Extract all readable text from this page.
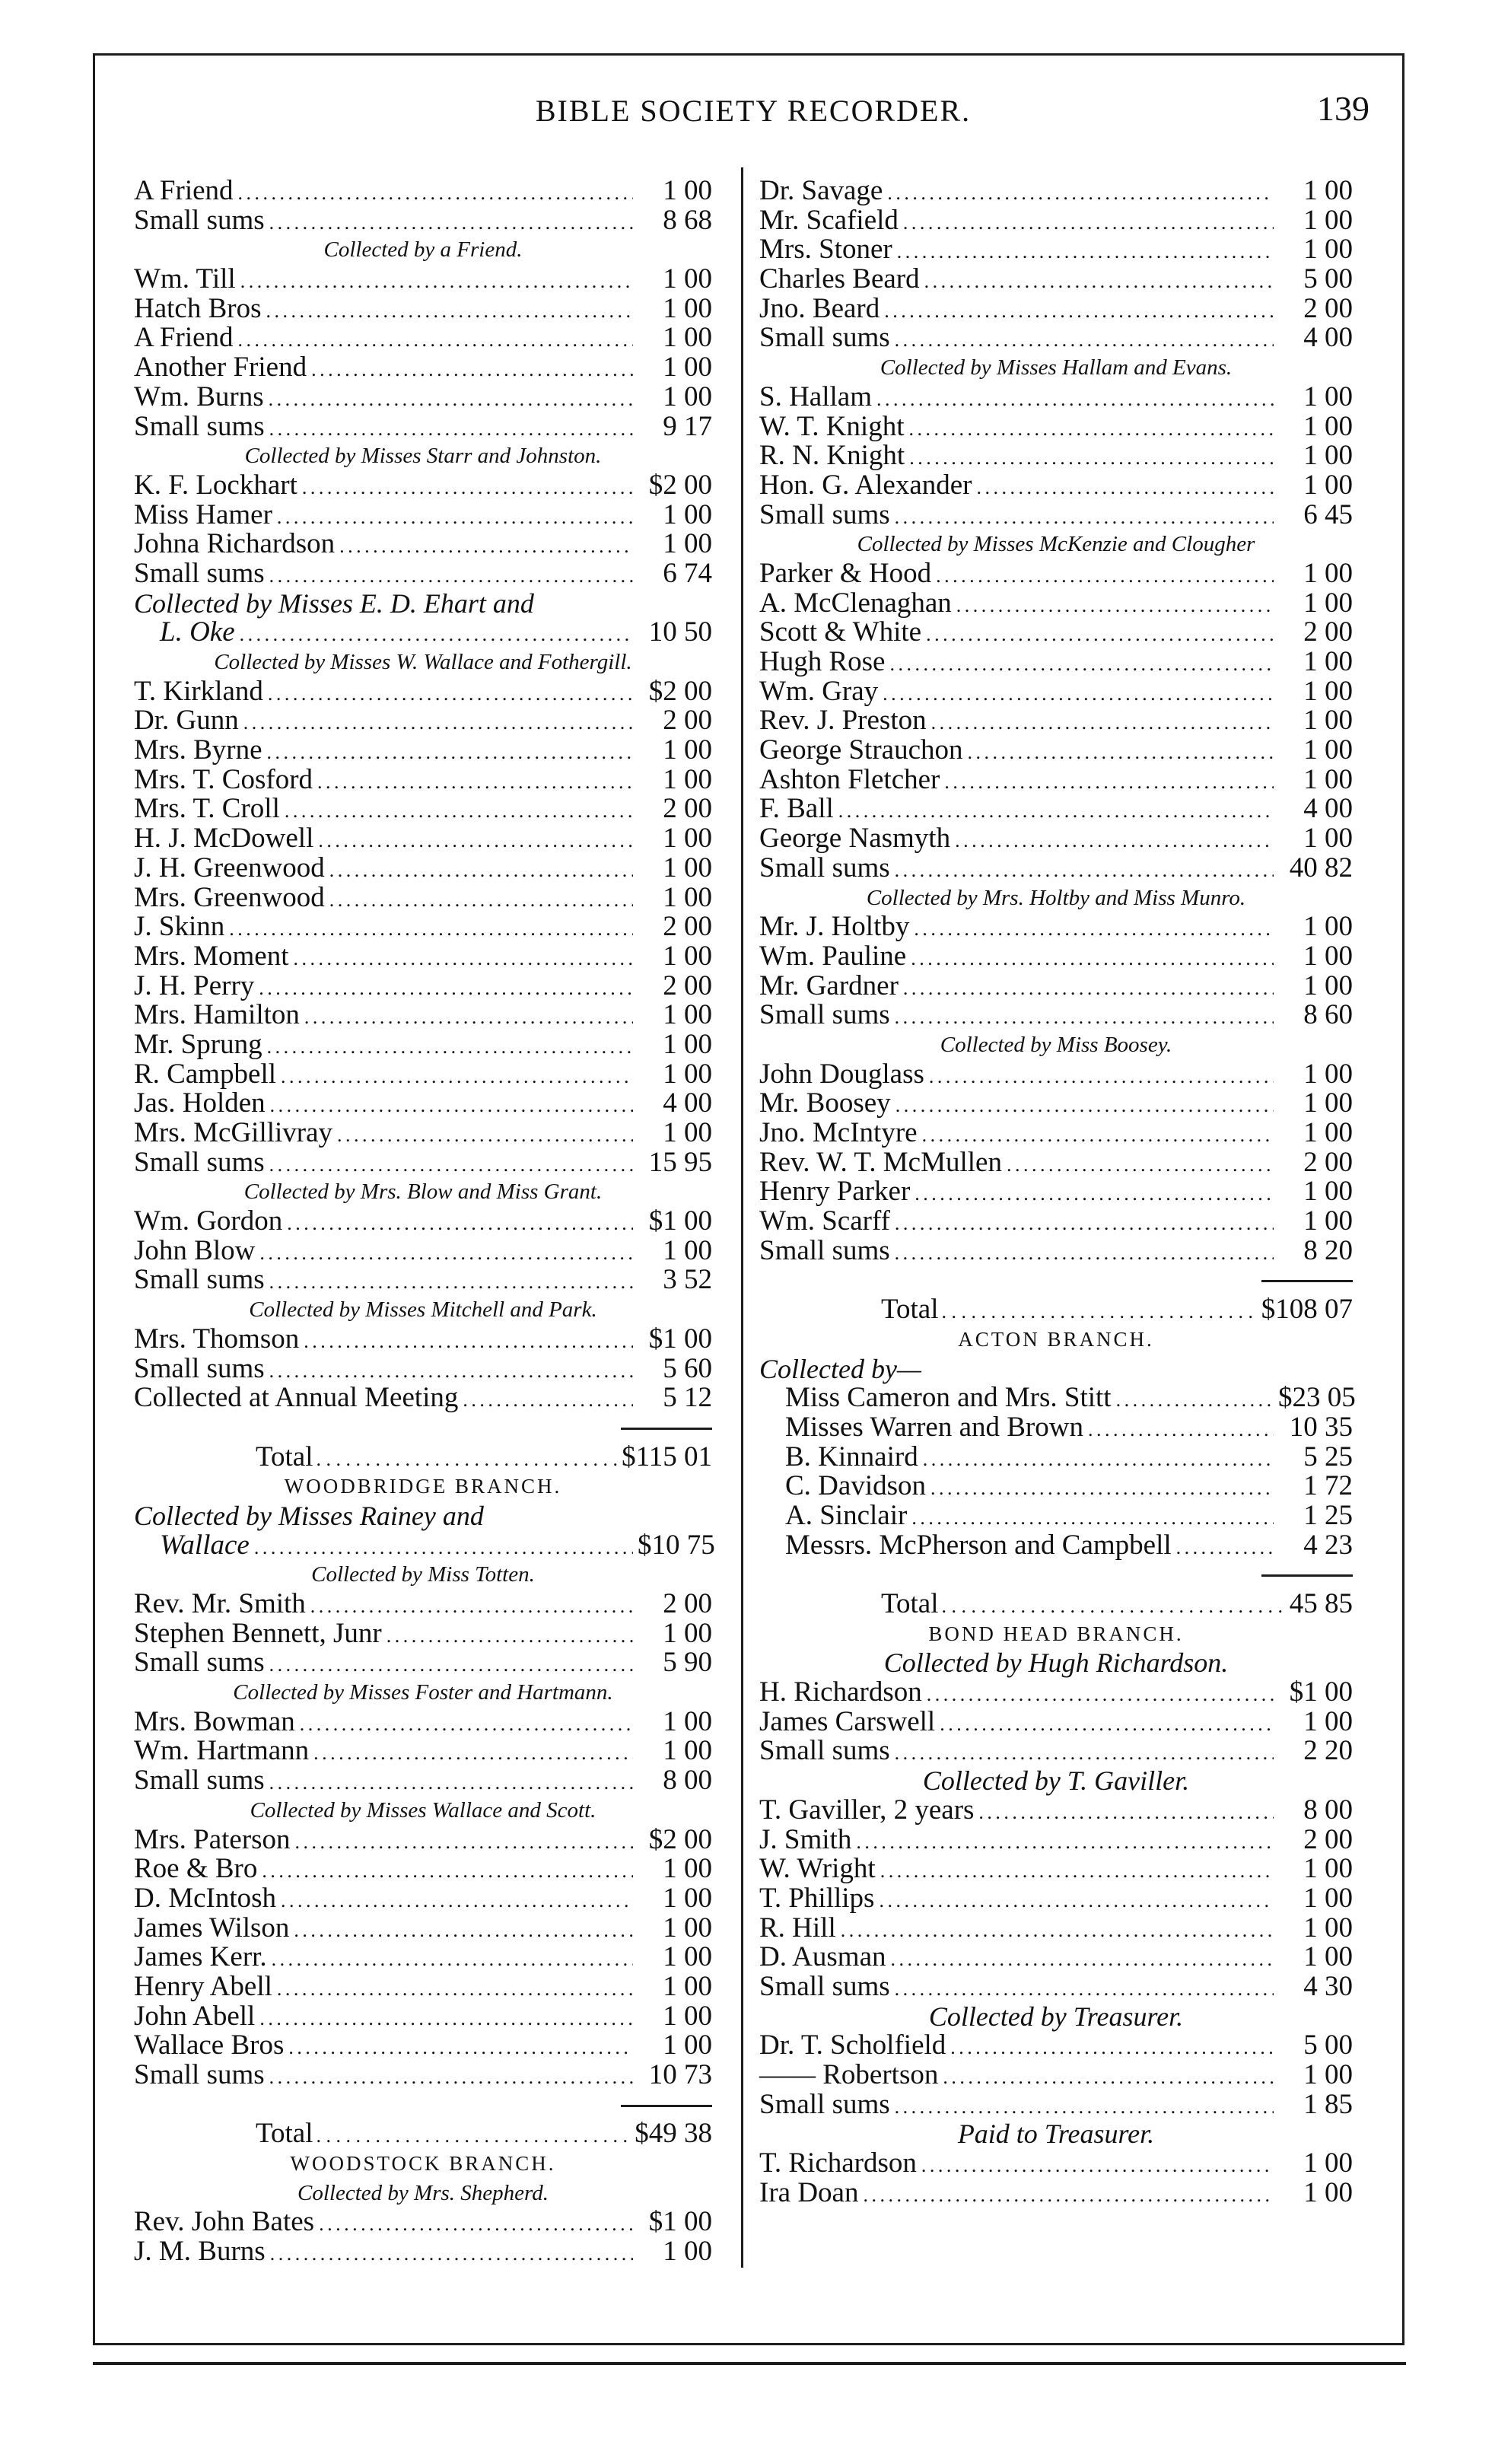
BIBLE SOCIETY RECORDER.	139
A Friend . . .	1 00
Small sums . . .	8 68
Collected by a Friend.
Wm. Till . . .	1 00
Hatch Bros . . .	1 00
A Friend . . .	1 00
Another Friend . . .	1 00
Wm. Burns . . .	1 00
Small sums . . .	9 17
Collected by Misses Starr and Johnston.
K. F. Lockhart . . .	$2 00
Miss Hamer . . .	1 00
Johna Richardson . . .	1 00
Small sums . . .	6 74
Collected by Misses E. D. Ehart and
L. Oke . . .	10 50
Collected by Misses W. Wallace and Fothergill.
T. Kirkland . . .	$2 00
Dr. Gunn . . .	2 00
Mrs. Byrne . . .	1 00
Mrs. T. Cosford . . .	1 00
Mrs. T. Croll . . .	2 00
H. J. McDowell . . .	1 00
J. H. Greenwood . . .	1 00
Mrs. Greenwood . . .	1 00
J. Skinn . . .	2 00
Mrs. Moment . . .	1 00
J. H. Perry . . .	2 00
Mrs. Hamilton . . .	1 00
Mr. Sprung . . .	1 00
R. Campbell . . .	1 00
Jas. Holden . . .	4 00
Mrs. McGillivray . . .	1 00
Small sums . . .	15 95
Collected by Mrs. Blow and Miss Grant.
Wm. Gordon . . .	$1 00
John Blow . . .	1 00
Small sums . . .	3 52
Collected by Misses Mitchell and Park.
Mrs. Thomson . . .	$1 00
Small sums . . .	5 60
Collected at Annual Meeting . . .	5 12
Total . . .	$115 01
WOODBRIDGE BRANCH.
Collected by Misses Rainey and
Wallace . . .	$10 75
Collected by Miss Totten.
Rev. Mr. Smith . . .	2 00
Stephen Bennett, Junr . . .	1 00
Small sums . . .	5 90
Collected by Misses Foster and Hartmann.
Mrs. Bowman . . .	1 00
Wm. Hartmann . . .	1 00
Small sums . . .	8 00
Collected by Misses Wallace and Scott.
Mrs. Paterson . . .	$2 00
Roe & Bro . . .	1 00
D. McIntosh . . .	1 00
James Wilson . . .	1 00
James Kerr. . . .	1 00
Henry Abell . . .	1 00
John Abell . . .	1 00
Wallace Bros . . .	1 00
Small sums . . .	10 73
Total . . .	$49 38
WOODSTOCK BRANCH.
Collected by Mrs. Shepherd.
Rev. John Bates . . .	$1 00
J. M. Burns . . .	1 00
Dr. Savage . . .	1 00
Mr. Scafield . . .	1 00
Mrs. Stoner . . .	1 00
Charles Beard . . .	5 00
Jno. Beard . . .	2 00
Small sums . . .	4 00
Collected by Misses Hallam and Evans.
S. Hallam . . .	1 00
W. T. Knight . . .	1 00
R. N. Knight . . .	1 00
Hon. G. Alexander . . .	1 00
Small sums . . .	6 45
Collected by Misses McKenzie and Clougher
Parker & Hood . . .	1 00
A. McClenaghan . . .	1 00
Scott & White . . .	2 00
Hugh Rose . . .	1 00
Wm. Gray . . .	1 00
Rev. J. Preston . . .	1 00
George Strauchon . . .	1 00
Ashton Fletcher . . .	1 00
F. Ball . . .	4 00
George Nasmyth . . .	1 00
Small sums . . .	40 82
Collected by Mrs. Holtby and Miss Munro.
Mr. J. Holtby . . .	1 00
Wm. Pauline . . .	1 00
Mr. Gardner . . .	1 00
Small sums . . .	8 60
Collected by Miss Boosey.
John Douglass . . .	1 00
Mr. Boosey . . .	1 00
Jno. McIntyre . . .	1 00
Rev. W. T. McMullen . . .	2 00
Henry Parker . . .	1 00
Wm. Scarff . . .	1 00
Small sums . . .	8 20
Total . . .	$108 07
ACTON BRANCH.
Collected by—
Miss Cameron and Mrs. Stitt . . .	$23 05
Misses Warren and Brown . . .	10 35
B. Kinnaird . . .	5 25
C. Davidson . . .	1 72
A. Sinclair . . .	1 25
Messrs. McPherson and Campbell . . .	4 23
Total . . .	45 85
BOND HEAD BRANCH.
Collected by Hugh Richardson.
H. Richardson . . .	$1 00
James Carswell . . .	1 00
Small sums . . .	2 20
Collected by T. Gaviller.
T. Gaviller, 2 years . . .	8 00
J. Smith . . .	2 00
W. Wright . . .	1 00
T. Phillips . . .	1 00
R. Hill . . .	1 00
D. Ausman . . .	1 00
Small sums . . .	4 30
Collected by Treasurer.
Dr. T. Scholfield . . .	5 00
—— Robertson . . .	1 00
Small sums . . .	1 85
Paid to Treasurer.
T. Richardson . . .	1 00
Ira Doan . . .	1 00
